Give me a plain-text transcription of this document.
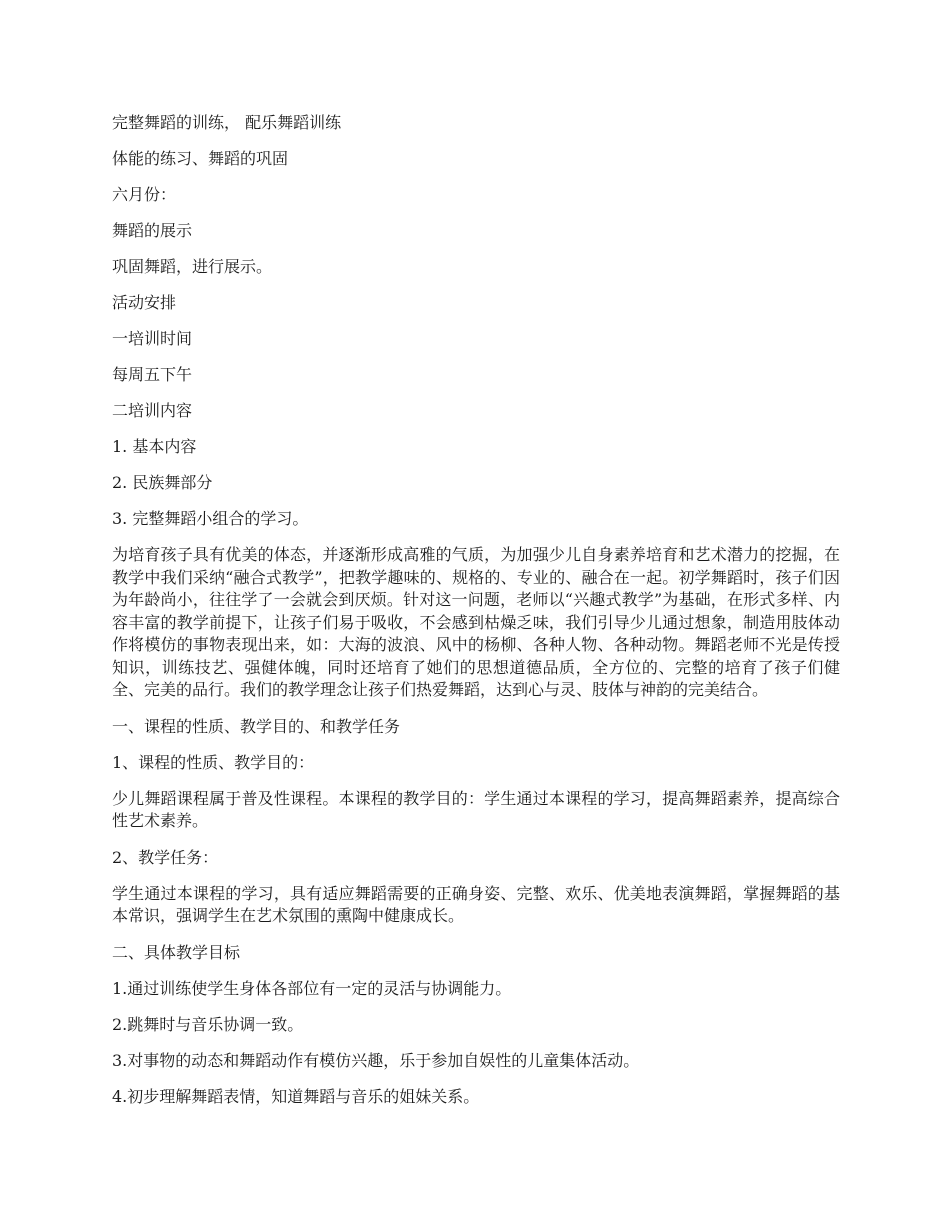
完整舞蹈的训练， 配乐舞蹈训练

体能的练习、舞蹈的巩固

六月份：

舞蹈的展示

巩固舞蹈，进行展示。

活动安排

一培训时间

每周五下午

二培训内容

1. 基本内容

2. 民族舞部分

3. 完整舞蹈小组合的学习。

为培育孩子具有优美的体态，并逐渐形成高雅的气质，为加强少儿自身素养培育和艺术潜力的挖掘，在教学中我们采纳“融合式教学”，把教学趣味的、规格的、专业的、融合在一起。初学舞蹈时，孩子们因为年龄尚小，往往学了一会就会到厌烦。针对这一问题，老师以“兴趣式教学”为基础，在形式多样、内容丰富的教学前提下，让孩子们易于吸收，不会感到枯燥乏味，我们引导少儿通过想象，制造用肢体动作将模仿的事物表现出来，如：大海的波浪、风中的杨柳、各种人物、各种动物。舞蹈老师不光是传授知识，训练技艺、强健体魄，同时还培育了她们的思想道德品质，全方位的、完整的培育了孩子们健全、完美的品行。我们的教学理念让孩子们热爱舞蹈，达到心与灵、肢体与神韵的完美结合。

一、课程的性质、教学目的、和教学任务

1、课程的性质、教学目的：

少儿舞蹈课程属于普及性课程。本课程的教学目的：学生通过本课程的学习，提高舞蹈素养，提高综合性艺术素养。

2、教学任务：

学生通过本课程的学习，具有适应舞蹈需要的正确身姿、完整、欢乐、优美地表演舞蹈，掌握舞蹈的基本常识，强调学生在艺术氛围的熏陶中健康成长。

二、具体教学目标

1.通过训练使学生身体各部位有一定的灵活与协调能力。

2.跳舞时与音乐协调一致。

3.对事物的动态和舞蹈动作有模仿兴趣，乐于参加自娱性的儿童集体活动。

4.初步理解舞蹈表情，知道舞蹈与音乐的姐妹关系。
